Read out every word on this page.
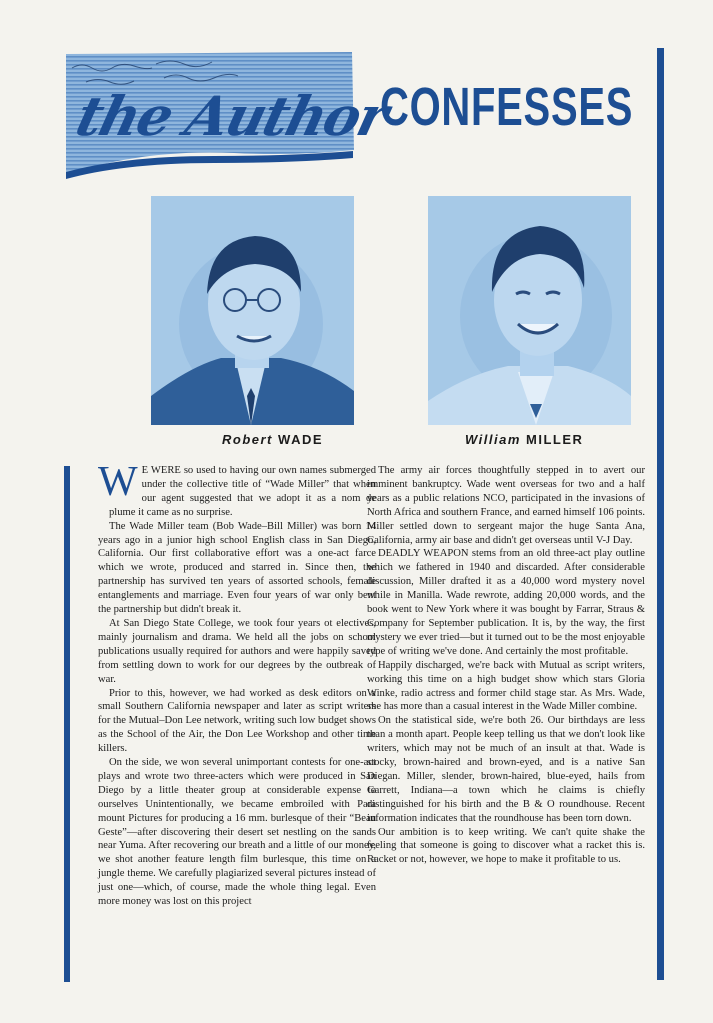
the Author
CONFESSES
Robert WADE	William MILLER

W E WERE so used to having our own names submerged under the collective title of “Wade Miller” that when our agent suggested that we adopt it as a nom de plume it came as no surprise.

The Wade Miller team (Bob Wade–Bill Miller) was born 14 years ago in a junior high school English class in San Diego, California. Our first collaborative effort was a one-act farce which we wrote, produced and starred in. Since then, the partnership has survived ten years of assorted schools, female entanglements and marriage. Even four years of war only bent the partnership but didn't break it.

At San Diego State College, we took four years ot electives, mainly journalism and drama. We held all the jobs on school publications usually required for authors and were happily saved from settling down to work for our degrees by the outbreak of war.

Prior to this, however, we had worked as desk editors on a small Southern California newspaper and later as script writers for the Mutual–Don Lee network, writing such low budget shows as the School of the Air, the Don Lee Workshop and other time killers.

On the side, we won several unimportant contests for one-act plays and wrote two three-acters which were produced in San Diego by a little theater group at considerable expense to ourselves Unintentionally, we became embroiled with Para mount Pictures for producing a 16 mm. burlesque of their “Beau Geste”—after discovering their desert set nestling on the sands near Yuma. After recovering our breath and a little of our money, we shot another feature length film burlesque, this time on a jungle theme. We carefully plagiarized several pictures instead of just one—which, of course, made the whole thing legal. Even more money was lost on this project

The army air forces thoughtfully stepped in to avert our imminent bankruptcy. Wade went overseas for two and a half years as a public relations NCO, participated in the invasions of North Africa and southern France, and earned himself 106 points. Miller settled down to sergeant major the huge Santa Ana, California, army air base and didn't get overseas until V-J Day.

DEADLY WEAPON stems from an old three-act play outline which we fathered in 1940 and discarded. After considerable discussion, Miller drafted it as a 40,000 word mystery novel while in Manilla. Wade rewrote, adding 20,000 words, and the book went to New York where it was bought by Farrar, Straus & Company for September publication. It is, by the way, the first mystery we ever tried—but it turned out to be the most enjoyable type of writing we've done. And certainly the most profitable.

Happily discharged, we're back with Mutual as script writers, working this time on a high budget show which stars Gloria Winke, radio actress and former child stage star. As Mrs. Wade, she has more than a casual interest in the Wade Miller combine.

On the statistical side, we're both 26. Our birthdays are less than a month apart. People keep telling us that we don't look like writers, which may not be much of an insult at that. Wade is stocky, brown-haired and brown-eyed, and is a native San Diegan. Miller, slender, brown-haired, blue-eyed, hails from Garrett, Indiana—a town which he claims is chiefly distinguished for his birth and the B & O roundhouse. Recent information indicates that the roundhouse has been torn down.

Our ambition is to keep writing. We can't quite shake the feeling that someone is going to discover what a racket this is. Racket or not, however, we hope to make it profitable to us.
